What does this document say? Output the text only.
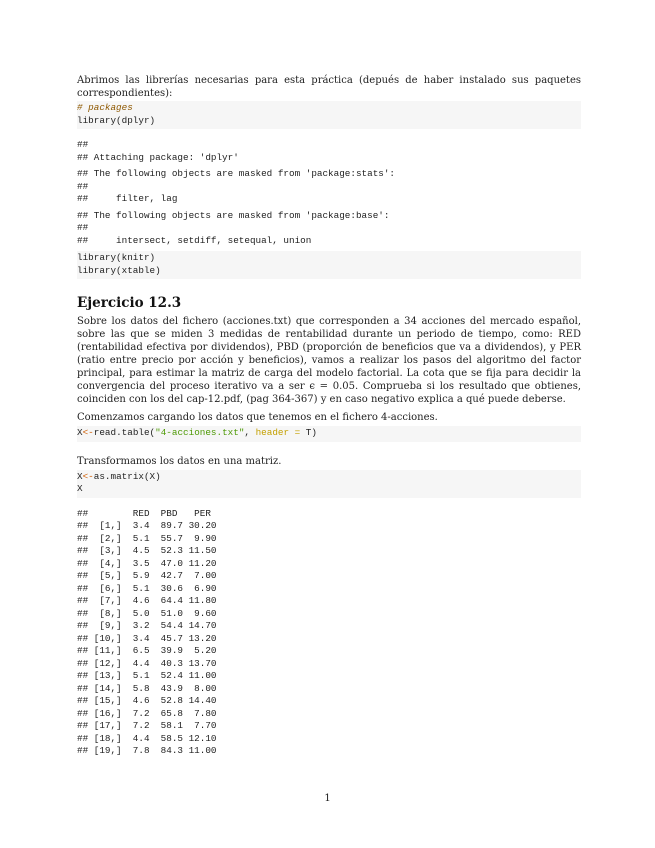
Abrimos las librerías necesarias para esta práctica (depués de haber instalado sus paquetes correspondientes):

# packages
library(dplyr)
##
## Attaching package: 'dplyr'
## The following objects are masked from 'package:stats':
##
##     filter, lag
## The following objects are masked from 'package:base':
##
##     intersect, setdiff, setequal, union
library(knitr)
library(xtable)
Ejercicio 12.3

Sobre los datos del fichero (acciones.txt) que corresponden a 34 acciones del mercado español, sobre las que se miden 3 medidas de rentabilidad durante un periodo de tiempo, como: RED (rentabilidad efectiva por dividendos), PBD (proporción de beneficios que va a dividendos), y PER (ratio entre precio por acción y beneficios), vamos a realizar los pasos del algoritmo del factor principal, para estimar la matriz de carga del modelo factorial. La cota que se fija para decidir la convergencia del proceso iterativo va a ser ϵ = 0.05. Comprueba si los resultado que obtienes, coinciden con los del cap-12.pdf, (pag 364-367) y en caso negativo explica a qué puede deberse.

Comenzamos cargando los datos que tenemos en el fichero 4-acciones.

X<-read.table("4-acciones.txt", header = T)

Transformamos los datos en una matriz.

X<-as.matrix(X)
X
##        RED  PBD   PER
##  [1,]  3.4  89.7 30.20
##  [2,]  5.1  55.7  9.90
##  [3,]  4.5  52.3 11.50
##  [4,]  3.5  47.0 11.20
##  [5,]  5.9  42.7  7.00
##  [6,]  5.1  30.6  6.90
##  [7,]  4.6  64.4 11.80
##  [8,]  5.0  51.0  9.60
##  [9,]  3.2  54.4 14.70
## [10,]  3.4  45.7 13.20
## [11,]  6.5  39.9  5.20
## [12,]  4.4  40.3 13.70
## [13,]  5.1  52.4 11.00
## [14,]  5.8  43.9  8.00
## [15,]  4.6  52.8 14.40
## [16,]  7.2  65.8  7.80
## [17,]  7.2  58.1  7.70
## [18,]  4.4  58.5 12.10
## [19,]  7.8  84.3 11.00
1
